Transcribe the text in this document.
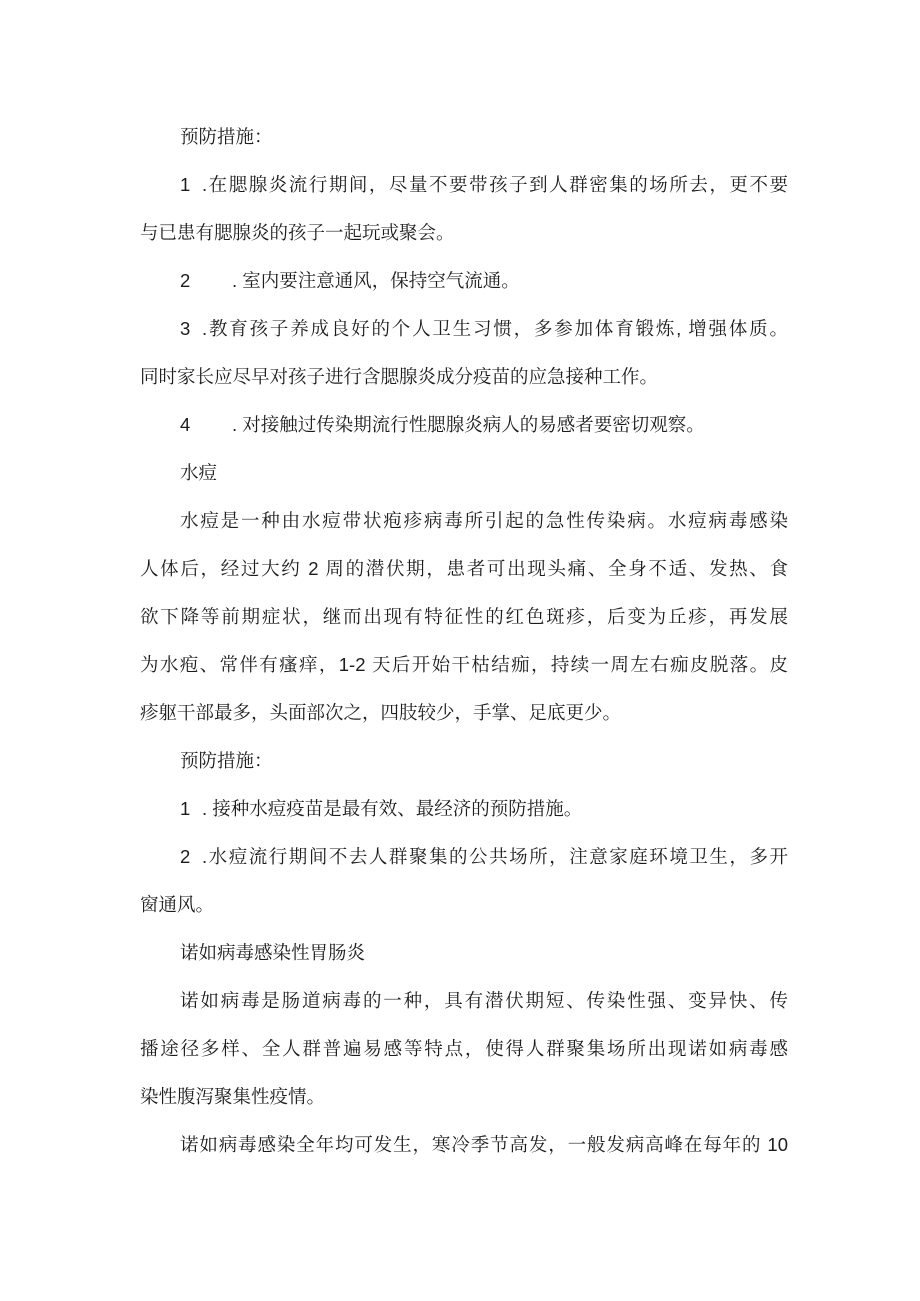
预防措施：
1 .在腮腺炎流行期间，尽量不要带孩子到人群密集的场所去，更不要
与已患有腮腺炎的孩子一起玩或聚会。
2 . 室内要注意通风，保持空气流通。
3 .教育孩子养成良好的个人卫生习惯，多参加体育锻炼, 增强体质。
同时家长应尽早对孩子进行含腮腺炎成分疫苗的应急接种工作。
4 . 对接触过传染期流行性腮腺炎病人的易感者要密切观察。
水痘
水痘是一种由水痘带状疱疹病毒所引起的急性传染病。水痘病毒感染
人体后，经过大约 2 周的潜伏期，患者可出现头痛、全身不适、发热、食
欲下降等前期症状，继而出现有特征性的红色斑疹，后变为丘疹，再发展
为水疱、常伴有瘙痒，1-2 天后开始干枯结痂，持续一周左右痂皮脱落。皮
疹躯干部最多，头面部次之，四肢较少，手掌、足底更少。
预防措施：
1 . 接种水痘疫苗是最有效、最经济的预防措施。
2 .水痘流行期间不去人群聚集的公共场所，注意家庭环境卫生，多开
窗通风。
诺如病毒感染性胃肠炎
诺如病毒是肠道病毒的一种，具有潜伏期短、传染性强、变异快、传
播途径多样、全人群普遍易感等特点，使得人群聚集场所出现诺如病毒感
染性腹泻聚集性疫情。
诺如病毒感染全年均可发生，寒冷季节高发，一般发病高峰在每年的 10
